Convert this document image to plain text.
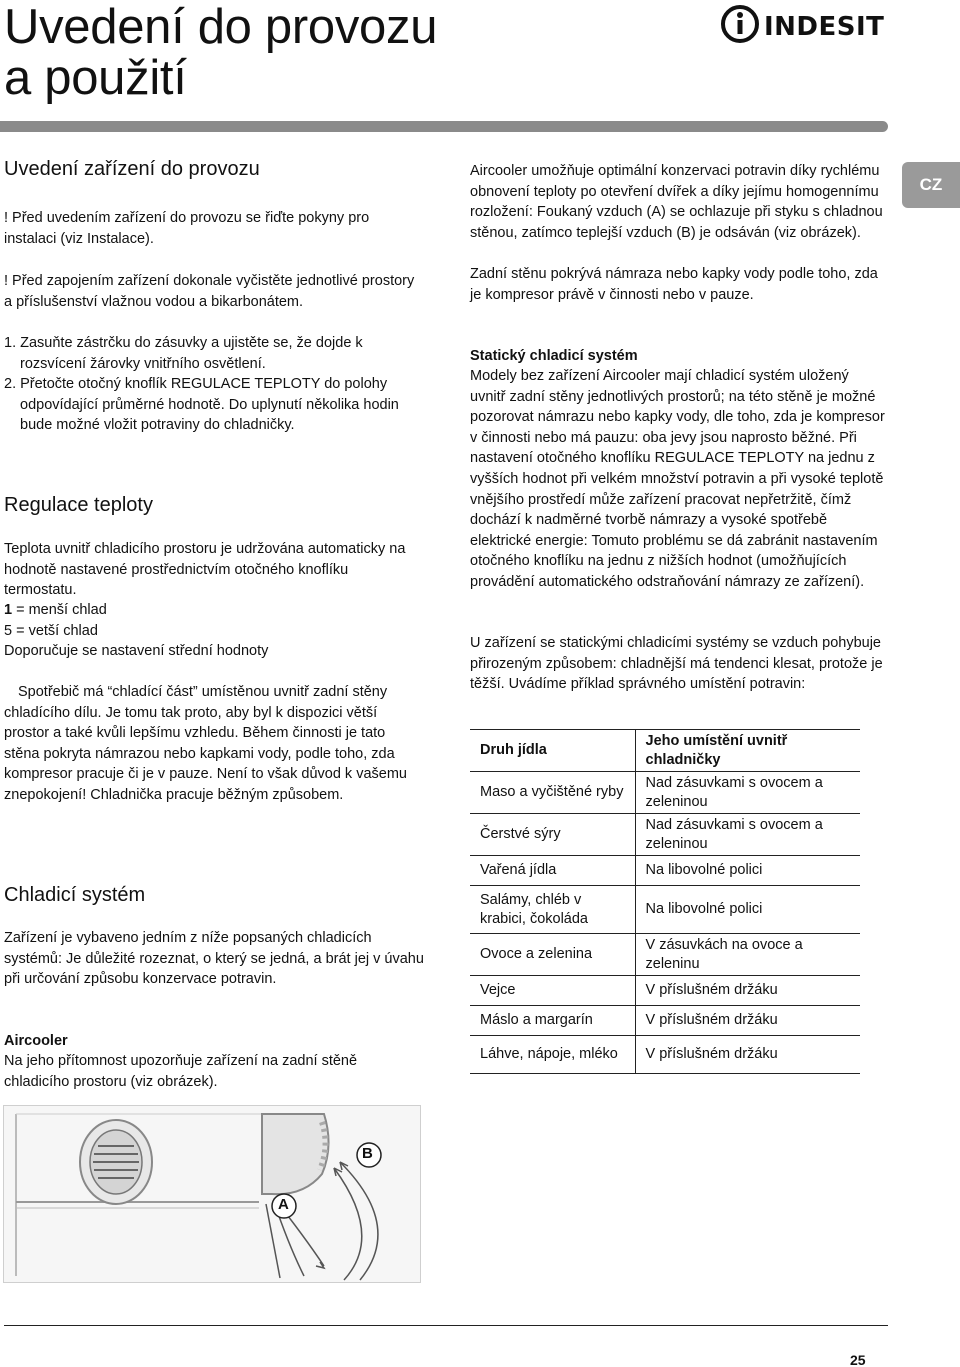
Uvedení do provozu
a použití
INDESIT
CZ
Uvedení zařízení do provozu
! Před uvedením zařízení do provozu se řiďte pokyny pro instalaci (viz Instalace).
! Před zapojením zařízení dokonale vyčistěte jednotlivé prostory a příslušenství vlažnou vodou a bikarbonátem.
1. Zasuňte zástrčku do zásuvky a ujistěte se, že dojde k rozsvícení žárovky vnitřního osvětlení.
2. Přetočte otočný knoflík REGULACE TEPLOTY do polohy odpovídající průměrné hodnotě. Do uplynutí několika hodin bude možné vložit potraviny do chladničky.
Regulace teploty
Teplota uvnitř chladicího prostoru je udržována automaticky na hodnotě nastavené prostřednictvím otočného knoflíku termostatu.
1 = menší chlad
5 = vetší chlad
Doporučuje se nastavení střední hodnoty
Spotřebič má “chladící část” umístěnou uvnitř zadní stěny chladícího dílu. Je tomu tak proto, aby byl k dispozici větší prostor a také kvůli lepšímu vzhledu. Během činnosti je tato stěna pokryta námrazou nebo kapkami vody, podle toho, zda kompresor pracuje či je v pauze. Není to však důvod k vašemu znepokojení! Chladnička pracuje běžným způsobem.
Chladicí systém
Zařízení je vybaveno jedním z níže popsaných chladicích systémů: Je důležité rozeznat, o který se jedná, a brát jej v úvahu při určování způsobu konzervace potravin.
Aircooler
Na jeho přítomnost upozorňuje zařízení na zadní stěně chladicího prostoru (viz obrázek).
Aircooler umožňuje optimální konzervaci potravin díky rychlému obnovení teploty po otevření dvířek a díky jejímu homogennímu rozložení: Foukaný vzduch (A) se ochlazuje při styku s chladnou stěnou, zatímco teplejší vzduch (B) je odsáván (viz obrázek).
Zadní stěnu pokrývá námraza nebo kapky vody podle toho, zda je kompresor právě v činnosti nebo v pauze.
Statický chladicí systém
Modely bez zařízení Aircooler mají chladicí systém uložený uvnitř zadní stěny jednotlivých prostorů; na této stěně je možné pozorovat námrazu nebo kapky vody, dle toho, zda je kompresor v činnosti nebo má pauzu: oba jevy jsou naprosto běžné. Při nastavení otočného knoflíku REGULACE TEPLOTY na jednu z vyšších hodnot při velkém množství potravin a při vysoké teplotě vnějšího prostředí může zařízení pracovat nepřetržitě, čímž dochází k nadměrné tvorbě námrazy a vysoké spotřebě elektrické energie: Tomuto problému se dá zabránit nastavením otočného knoflíku na jednu z nižších hodnot (umožňujících provádění automatického odstraňování námrazy ze zařízení).
U zařízení se statickými chladicími systémy se vzduch pohybuje přirozeným způsobem: chladnější má tendenci klesat, protože je těžší. Uvádíme příklad správného umístění potravin:
Druh jídla	Jeho umístění uvnitř chladničky
Maso a vyčištěné ryby	Nad zásuvkami s ovocem a zeleninou
Čerstvé sýry	Nad zásuvkami s ovocem a zeleninou
Vařená jídla	Na libovolné polici
Salámy, chléb v krabici, čokoláda	Na libovolné polici
Ovoce a zelenina	V zásuvkách na ovoce a zeleninu
Vejce	V příslušném držáku
Máslo a margarín	V příslušném držáku
Láhve, nápoje, mléko	V příslušném držáku
B
A
25
